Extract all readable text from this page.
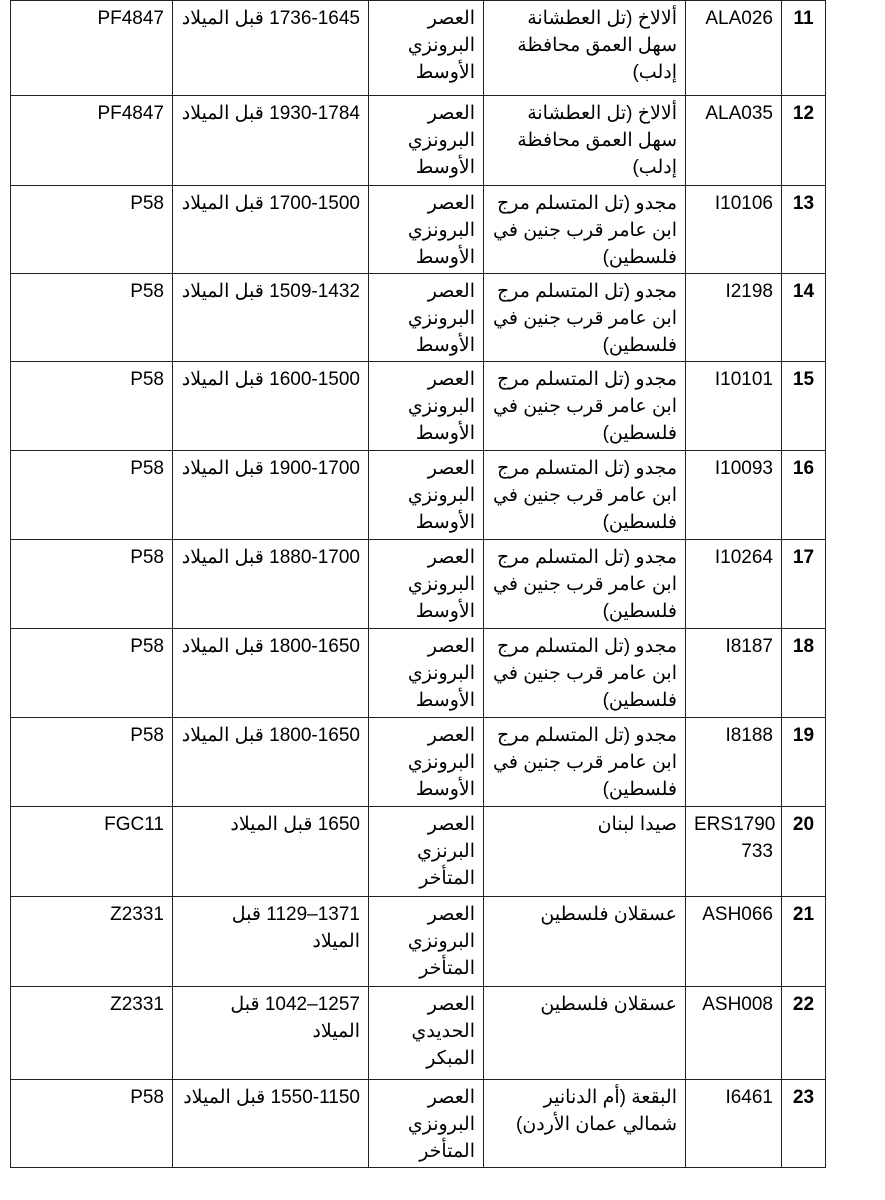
11	ALA026	ألالاخ (تل العطشانة سهل العمق محافظة إدلب)	العصر البرونزي الأوسط	1736-1645 قبل الميلاد	PF4847
12	ALA035	ألالاخ (تل العطشانة سهل العمق محافظة إدلب)	العصر البرونزي الأوسط	1930-1784 قبل الميلاد	PF4847
13	I10106	مجدو (تل المتسلم مرج ابن عامر قرب جنين في فلسطين)	العصر البرونزي الأوسط	1700-1500 قبل الميلاد	P58
14	I2198	مجدو (تل المتسلم مرج ابن عامر قرب جنين في فلسطين)	العصر البرونزي الأوسط	1509-1432 قبل الميلاد	P58
15	I10101	مجدو (تل المتسلم مرج ابن عامر قرب جنين في فلسطين)	العصر البرونزي الأوسط	1600-1500 قبل الميلاد	P58
16	I10093	مجدو (تل المتسلم مرج ابن عامر قرب جنين في فلسطين)	العصر البرونزي الأوسط	1900-1700 قبل الميلاد	P58
17	I10264	مجدو (تل المتسلم مرج ابن عامر قرب جنين في فلسطين)	العصر البرونزي الأوسط	1880-1700 قبل الميلاد	P58
18	I8187	مجدو (تل المتسلم مرج ابن عامر قرب جنين في فلسطين)	العصر البرونزي الأوسط	1800-1650 قبل الميلاد	P58
19	I8188	مجدو (تل المتسلم مرج ابن عامر قرب جنين في فلسطين)	العصر البرونزي الأوسط	1800-1650 قبل الميلاد	P58
20	ERS1790 733	صيدا لبنان	العصر البرنزي المتأخر	1650 قبل الميلاد	FGC11
21	ASH066	عسقلان فلسطين	العصر البرونزي المتأخر	1371–1129 قبل الميلاد	Z2331
22	ASH008	عسقلان فلسطين	العصر الحديدي المبكر	1257–1042 قبل الميلاد	Z2331
23	I6461	البقعة (أم الدنانير شمالي عمان الأردن)	العصر البرونزي المتأخر	1550-1150 قبل الميلاد	P58
